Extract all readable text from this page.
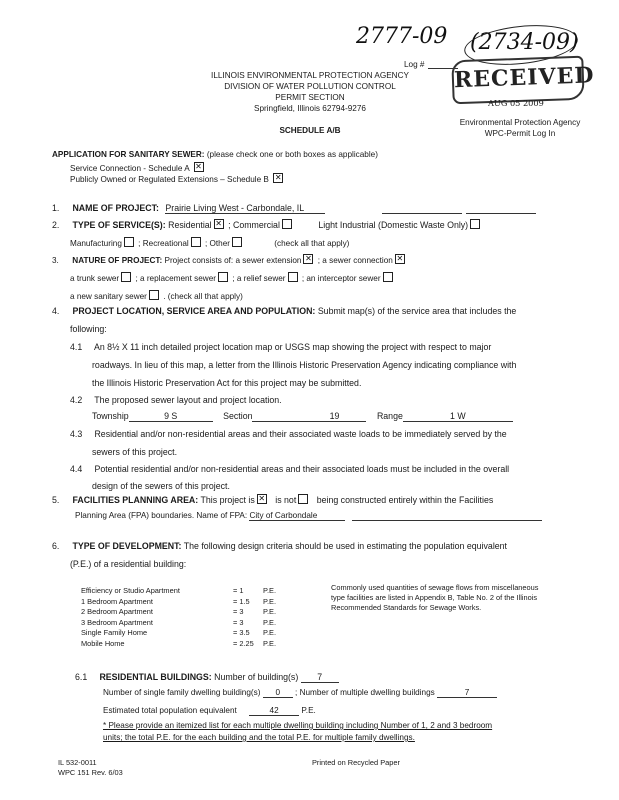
2777-09 (2734-09)
Log #
ILLINOIS ENVIRONMENTAL PROTECTION AGENCY
DIVISION OF WATER POLLUTION CONTROL
PERMIT SECTION
Springfield, Illinois 62794-9276
RECEIVED
AUG 05 2009
Environmental Protection Agency
WPC-Permit Log In
SCHEDULE A/B
APPLICATION FOR SANITARY SEWER: (please check one or both boxes as applicable)
Service Connection - Schedule A ✕
Publicly Owned or Regulated Extensions – Schedule B ✕
1. NAME OF PROJECT: Prairie Living West - Carbondale, IL
2. TYPE OF SERVICE(S): Residential ✕ ; Commercial	Light Industrial (Domestic Waste Only)
Manufacturing ; Recreational ; Other	(check all that apply)
3. NATURE OF PROJECT: Project consists of: a sewer extension ✕ ; a sewer connection✕
a trunk sewer ; a replacement sewer ; a relief sewer ; an interceptor sewer
a new sanitary sewer . (check all that apply)
4. PROJECT LOCATION, SERVICE AREA AND POPULATION: Submit map(s) of the service area that includes the
following:
4.1 An 8½ X 11 inch detailed project location map or USGS map showing the project with respect to major
roadways. In lieu of this map, a letter from the Illinois Historic Preservation Agency indicating compliance with
the Illinois Historic Preservation Act for this project may be submitted.
4.2 The proposed sewer layout and project location.
Township	9 S	Section	19	Range	1 W
4.3 Residential and/or non-residential areas and their associated waste loads to be immediately served by the
sewers of this project.
4.4 Potential residential and/or non-residential areas and their associated loads must be included in the overall
design of the sewers of this project.
5. FACILITIES PLANNING AREA: This project is ✕ is not being constructed entirely within the Facilities
Planning Area (FPA) boundaries. Name of FPA: City of Carbondale
6. TYPE OF DEVELOPMENT: The following design criteria should be used in estimating the population equivalent
(P.E.) of a residential building:
Efficiency or Studio Apartment	= 1	P.E.
1 Bedroom Apartment	= 1.5 P.E.
2 Bedroom Apartment	= 3	P.E.
3 Bedroom Apartment	= 3	P.E.
Single Family Home	= 3.5 P.E.
Mobile Home	= 2.25 P.E.
Commonly used quantities of sewage flows from miscellaneous
type facilities are listed in Appendix B, Table No. 2 of the Illinois
Recommended Standards for Sewage Works.
6.1 RESIDENTIAL BUILDINGS: Number of building(s) 7
Number of single family dwelling building(s) 0 ; Number of multiple dwelling buildings	7
Estimated total population equivalent	42	P.E.
* Please provide an itemized list for each multiple dwelling building including Number of 1, 2 and 3 bedroom
units; the total P.E. for the each building and the total P.E. for multiple family dwellings.
IL 532-0011
WPC 151 Rev. 6/03
Printed on Recycled Paper
